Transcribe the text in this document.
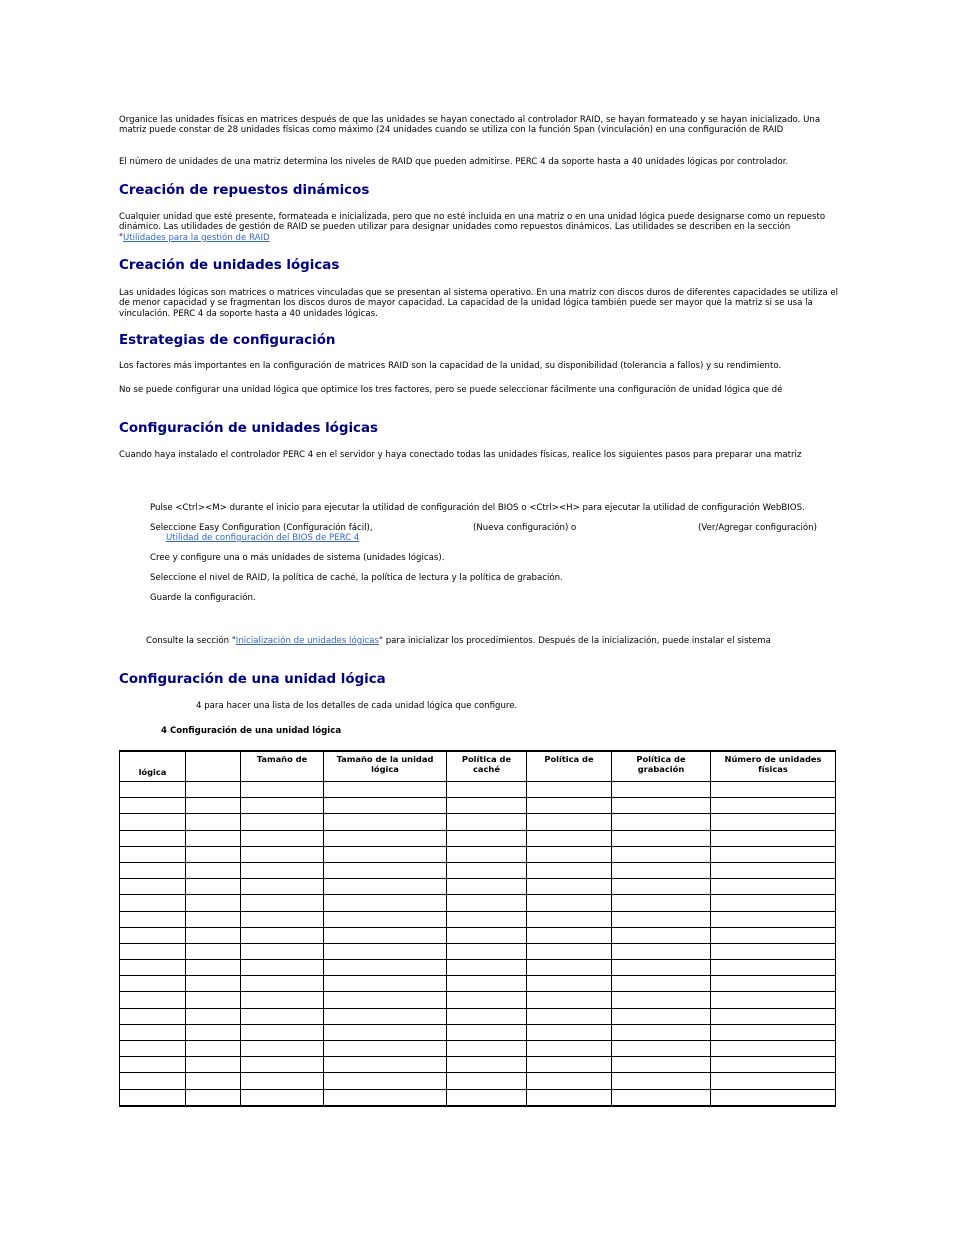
Organice las unidades físicas en matrices después de que las unidades se hayan conectado al controlador RAID, se hayan formateado y se hayan inicializado. Una matriz puede constar de 28 unidades físicas como máximo (24 unidades cuando se utiliza con la función Span (vinculación) en una configuración de RAID

El número de unidades de una matriz determina los niveles de RAID que pueden admitirse. PERC 4 da soporte hasta a 40 unidades lógicas por controlador.

Creación de repuestos dinámicos

Cualquier unidad que esté presente, formateada e inicializada, pero que no esté incluida en una matriz o en una unidad lógica puede designarse como un repuesto dinámico. Las utilidades de gestión de RAID se pueden utilizar para designar unidades como repuestos dinámicos. Las utilidades se describen en la sección "Utilidades para la gestión de RAID

Creación de unidades lógicas

Las unidades lógicas son matrices o matrices vinculadas que se presentan al sistema operativo. En una matriz con discos duros de diferentes capacidades se utiliza el de menor capacidad y se fragmentan los discos duros de mayor capacidad. La capacidad de la unidad lógica también puede ser mayor que la matriz si se usa la vinculación. PERC 4 da soporte hasta a 40 unidades lógicas.

Estrategias de configuración

Los factores más importantes en la configuración de matrices RAID son la capacidad de la unidad, su disponibilidad (tolerancia a fallos) y su rendimiento.

No se puede configurar una unidad lógica que optimice los tres factores, pero se puede seleccionar fácilmente una configuración de unidad lógica que dé

Configuración de unidades lógicas

Cuando haya instalado el controlador PERC 4 en el servidor y haya conectado todas las unidades físicas, realice los siguientes pasos para preparar una matriz

Pulse <Ctrl><M> durante el inicio para ejecutar la utilidad de configuración del BIOS o <Ctrl><H> para ejecutar la utilidad de configuración WebBIOS.

Seleccione Easy Configuration (Configuración fácil),	(Nueva configuración) o	(Ver/Agregar configuración)

Utilidad de configuración del BIOS de PERC 4

Cree y configure una o más unidades de sistema (unidades lógicas).

Seleccione el nivel de RAID, la política de caché, la política de lectura y la política de grabación.

Guarde la configuración.

Consulte la sección "Inicialización de unidades lógicas" para inicializar los procedimientos. Después de la inicialización, puede instalar el sistema

Configuración de una unidad lógica

4 para hacer una lista de los detalles de cada unidad lógica que configure.

4 Configuración de una unidad lógica

lógica		Tamaño de	Tamaño de la unidad lógica	Política de caché	Política de	Política de grabación	Número de unidades físicas
